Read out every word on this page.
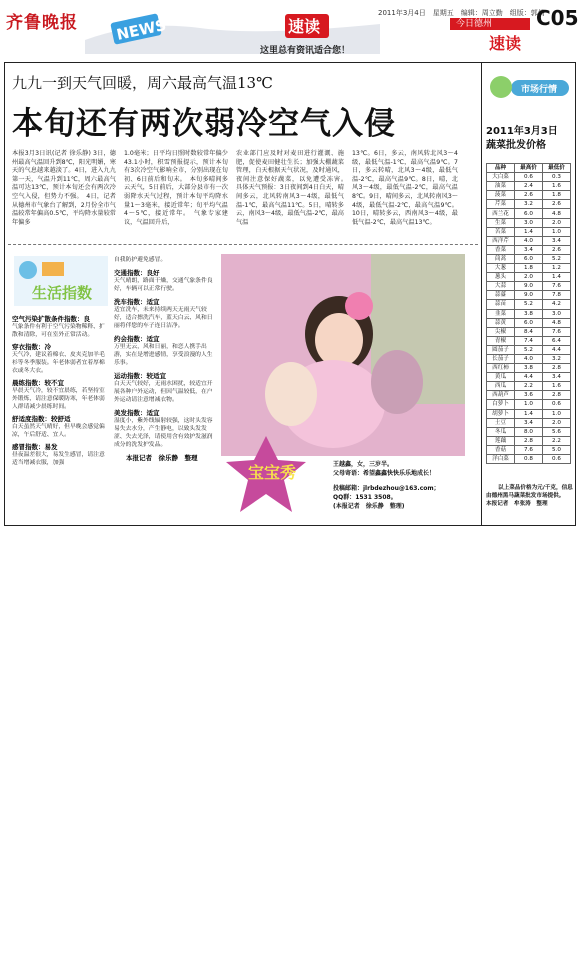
齐鲁晚报 NEWS	速读
这里总有资讯适合您！
2011年3月4日　星期五　编辑：周立勤　组版：郭倩
今日德州
速读
C05
九九一到天气回暖，周六最高气温13℃
本旬还有两次弱冷空气入侵
本报3月3日讯(记者 徐乐静) 3日，德州最高气温回升到8℃，阳光明媚，寒天的气息越来越淡了。4日，进入九九第一天，气温升到11℃，周六最高气温可达13℃，预计本旬还会有两次冷空气入侵，但势力不强。　4日，记者从德州市气象台了解到，2月份全市气温较常年偏高0.5℃，平均降水量较常年偏多
1.0毫米；日平均日照时数较常年偏少43.1小时，积雪预报提示，预计本旬有3次冷空气影响全市，分别出现在旬初、6日前后和旬末。　本旬多晴间多云天气，5日前后，大部分县市有一次弱降水天气过程，预计本旬平均降水量1～3毫米，接近常年；旬平均气温4～5℃，接近常年。　气象专家建议，气温回升后，
农业部门应及时对麦田进行灌溉、施肥，促使麦田健壮生长；加强大棚蔬菜管理，白天根据天气状况，及时通风，夜间注意保好蔬菜，以免遭受冻害。　具体天气预报：3日夜间到4日白天，晴间多云，北风转南风3～4级，最低气温-1℃，最高气温11℃。5日，晴转多云，南风3～4级，最低气温-2℃，最高气温
13℃。6日，多云，南风转北风3～4级，最低气温-1℃，最高气温9℃。7日，多云转晴，北风3～4级，最低气温-2℃，最高气温9℃。8日，晴，北风3～4级，最低气温-2℃，最高气温8℃。9日，晴间多云，北风转南风3～4级，最低气温-2℃，最高气温9℃。10日，晴转多云，西南风3～4级，最低气温-2℃，最高气温13℃。
生活指数
空气污染扩散条件指数：良
气象条件有利于空气污染物稀释、扩散和清除，可在室外正常活动。
穿衣指数：冷
天气冷，建议着棉衣、皮夹克加羊毛衫等冬季服装。年老体弱者宜着厚棉衣或冬大衣。
晨练指数：较不宜
早晨天气冷，较不宜晨练，若坚持室外锻炼，请注意保暖防寒，年老体弱人群请减少晨练时间。
舒适度指数：较舒适
白天虽然天气晴好，但早晚会感觉偏凉，午后舒适、宜人。
感冒指数：易发
昼夜温差很大，易发生感冒，请注意适当增减衣服，加强
自我防护避免感冒。
交通指数：良好
天气晴朗，路面干燥，交通气象条件良好，车辆可以正常行驶。
洗车指数：适宜
适宜洗车，未来持续两天无雨天气较好，适合擦洗汽车，蓝天白云、风和日丽将伴您的车子连日洁净。
约会指数：适宜
万里无云，风和日丽，和恋人携手出游，实在是增进感情，享受浪漫的人生乐事。
运动指数：较适宜
白天天气较好，无雨水困扰，较适宜开展各种户外运动，但因气温较低，在户外运动请注意增减衣物。
美发指数：适宜
湿度小，紫外线辐射较强，这时头发容易失去水分，产生静电，以致头发发涩、失去光泽，请使用含有效护发滋润成分的洗发护发品。
本报记者　徐乐静　整理
宝宝秀	王越鑫，女，三岁半。
父母寄语：希望鑫鑫快快乐乐地成长！
投稿邮箱：jlrbdezhou@163.com；
QQ群：1531 3508。
(本报记者　徐乐静　整理)
市场行情
2011年3月3日
蔬菜批发价格
品种	最高价	最低价
大白菜	0.6	0.3
油菜	2.4	1.6
菠菜	2.6	1.8
芹菜	3.2	2.6
西兰花	6.0	4.8
生菜	3.0	2.0
苦菜	1.4	1.0
西洋芹	4.0	3.4
香菜	3.4	2.6
茼蒿	6.0	5.2
大葱	1.8	1.2
葱头	2.0	1.4
大蒜	9.0	7.6
蒜薹	9.0	7.8
蒜苗	5.2	4.2
韭菜	3.8	3.0
蒜黄	6.0	4.8
尖椒	8.4	7.6
青椒	7.4	6.4
圆茄子	5.2	4.4
长茄子	4.0	3.2
西红柿	3.8	2.8
黄瓜	4.4	3.4
西瓜	2.2	1.6
西葫芦	3.6	2.8
白萝卜	1.0	0.6
胡萝卜	1.4	1.0
土豆	3.4	2.0
冬瓜	8.0	5.6
莲藕	2.8	2.2
香菇	7.6	5.0
洋白菜	0.8	0.6
以上菜品价格为元/千克，信息由德州黑马蔬菜批发市场提供。
本报记者　牟张涛　整理
